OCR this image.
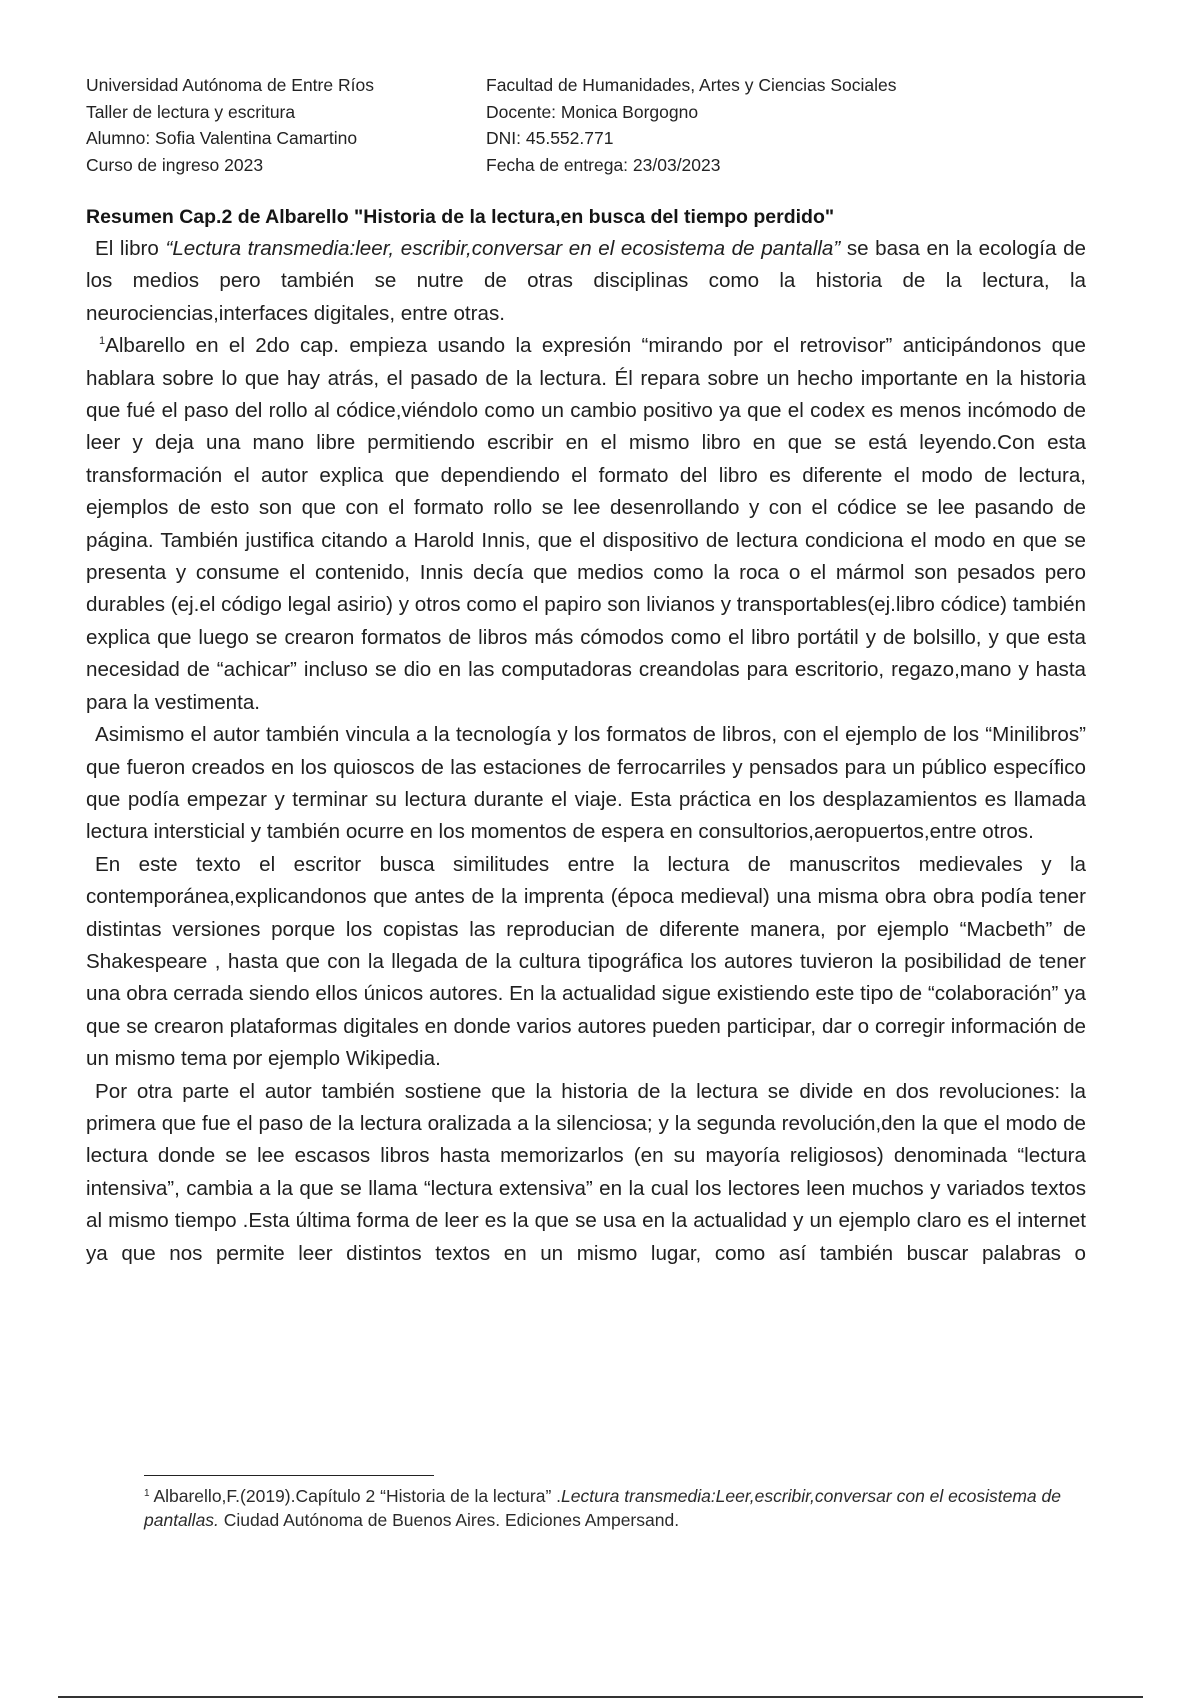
Universidad Autónoma de Entre Ríos	Facultad de Humanidades, Artes y Ciencias Sociales
Taller de lectura y escritura	Docente: Monica Borgogno
Alumno: Sofia Valentina Camartino	DNI: 45.552.771
Curso de ingreso 2023	Fecha de entrega: 23/03/2023
Resumen Cap.2 de Albarello "Historia de la lectura,en busca del tiempo perdido"

El libro “Lectura transmedia:leer, escribir,conversar en el ecosistema de pantalla” se basa en la ecología de los medios pero también se nutre de otras disciplinas como la historia de la lectura, la neurociencias,interfaces digitales, entre otras.

$^1$Albarello en el 2do cap. empieza usando la expresión “mirando por el retrovisor” anticipándonos que hablara sobre lo que hay atrás, el pasado de la lectura. Él repara sobre un hecho importante en la historia que fué el paso del rollo al códice,viéndolo como un cambio positivo ya que el codex es menos incómodo de leer y deja una mano libre permitiendo escribir en el mismo libro en que se está leyendo.Con esta transformación el autor explica que dependiendo el formato del libro es diferente el modo de lectura, ejemplos de esto son que con el formato rollo se lee desenrollando y con el códice se lee pasando de página. También justifica citando a Harold Innis, que el dispositivo de lectura condiciona el modo en que se presenta y consume el contenido, Innis decía que medios como la roca o el mármol son pesados pero durables (ej.el código legal asirio) y otros como el papiro son livianos y transportables(ej.libro códice) también explica que luego se crearon formatos de libros más cómodos como el libro portátil y de bolsillo, y que esta necesidad de “achicar” incluso se dio en las computadoras creandolas para escritorio, regazo,mano y hasta para la vestimenta.

Asimismo el autor también vincula a la tecnología y los formatos de libros, con el ejemplo de los “Minilibros” que fueron creados en los quioscos de las estaciones de ferrocarriles y pensados para un público específico que podía empezar y terminar su lectura durante el viaje. Esta práctica en los desplazamientos es llamada lectura intersticial y también ocurre en los momentos de espera en consultorios,aeropuertos,entre otros.

En este texto el escritor busca similitudes entre la lectura de manuscritos medievales y la contemporánea,explicandonos que antes de la imprenta (época medieval) una misma obra obra podía tener distintas versiones porque los copistas las reproducian de diferente manera, por ejemplo “Macbeth” de Shakespeare , hasta que con la llegada de la cultura tipográfica los autores tuvieron la posibilidad de tener una obra cerrada siendo ellos únicos autores. En la actualidad sigue existiendo este tipo de “colaboración” ya que se crearon plataformas digitales en donde varios autores pueden participar, dar o corregir información de un mismo tema por ejemplo Wikipedia.

Por otra parte el autor también sostiene que la historia de la lectura se divide en dos revoluciones: la primera que fue el paso de la lectura oralizada a la silenciosa; y la segunda revolución,den la que el modo de lectura donde se lee escasos libros hasta memorizarlos (en su mayoría religiosos) denominada “lectura intensiva”, cambia a la que se llama “lectura extensiva” en la cual los lectores leen muchos y variados textos al mismo tiempo .Esta última forma de leer es la que se usa en la actualidad y un ejemplo claro es el internet ya que nos permite leer distintos textos en un mismo lugar, como así también buscar palabras o

$^1$ Albarello,F.(2019).Capítulo 2 “Historia de la lectura” .Lectura transmedia:Leer,escribir,conversar con el ecosistema de pantallas. Ciudad Autónoma de Buenos Aires. Ediciones Ampersand.
